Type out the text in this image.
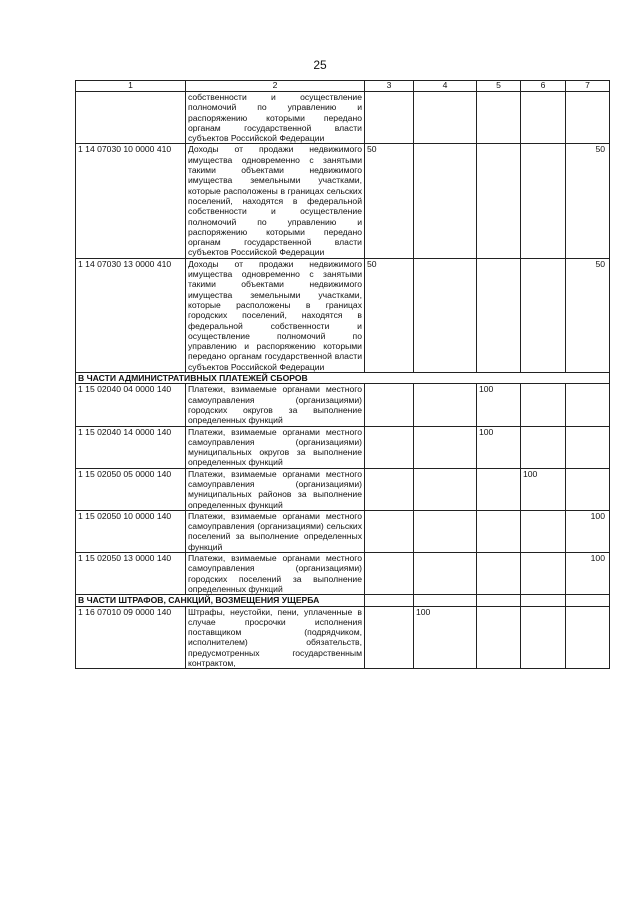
25
1	2	3	4	5	6	7
	собственности и осуществление полномочий по управлению и распоряжению которыми передано органам государственной власти субъектов Российской Федерации					
1 14 07030 10 0000 410	Доходы от продажи недвижимого имущества одновременно с занятыми такими объектами недвижимого имущества земельными участками, которые расположены в границах сельских поселений, находятся в федеральной собственности и осуществление полномочий по управлению и распоряжению которыми передано органам государственной власти субъектов Российской Федерации	50				50
1 14 07030 13 0000 410	Доходы от продажи недвижимого имущества одновременно с занятыми такими объектами недвижимого имущества земельными участками, которые расположены в границах городских поселений, находятся в федеральной собственности и осуществление полномочий по управлению и распоряжению которыми передано органам государственной власти субъектов Российской Федерации	50				50
В ЧАСТИ АДМИНИСТРАТИВНЫХ ПЛАТЕЖЕЙ СБОРОВ						
1 15 02040 04 0000 140	Платежи, взимаемые органами местного самоуправления (организациями) городских округов за выполнение определенных функций			100		
1 15 02040 14 0000 140	Платежи, взимаемые органами местного самоуправления (организациями) муниципальных округов за выполнение определенных функций			100		
1 15 02050 05 0000 140	Платежи, взимаемые органами местного самоуправления (организациями) муниципальных районов за выполнение определенных функций				100	
1 15 02050 10 0000 140	Платежи, взимаемые органами местного самоуправления (организациями) сельских поселений за выполнение определенных функций					100
1 15 02050 13 0000 140	Платежи, взимаемые органами местного самоуправления (организациями) городских поселений за выполнение определенных функций					100
В ЧАСТИ ШТРАФОВ, САНКЦИЙ, ВОЗМЕЩЕНИЯ УЩЕРБА						
1 16 07010 09 0000 140	Штрафы, неустойки, пени, уплаченные в случае просрочки исполнения поставщиком (подрядчиком, исполнителем) обязательств, предусмотренных государственным контрактом,		100			
